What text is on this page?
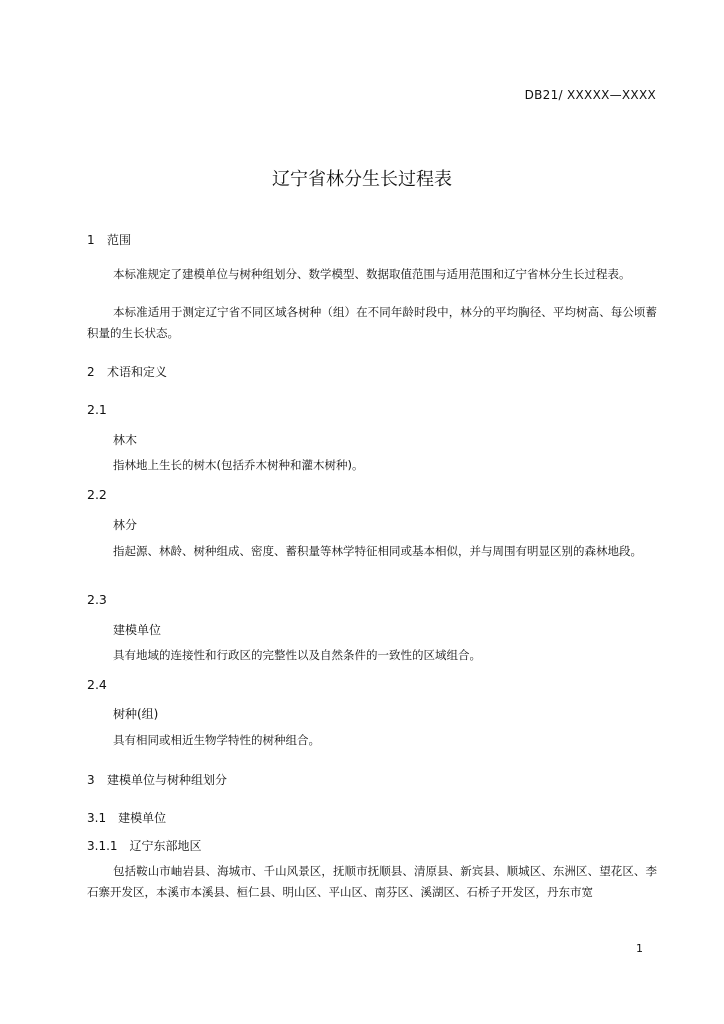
DB21/ XXXXX—XXXX
辽宁省林分生长过程表
1 范围
本标准规定了建模单位与树种组划分、数学模型、数据取值范围与适用范围和辽宁省林分生长过程表。
本标准适用于测定辽宁省不同区域各树种（组）在不同年龄时段中，林分的平均胸径、平均树高、每公顷蓄积量的生长状态。
2 术语和定义
2.1
林木
指林地上生长的树木(包括乔木树种和灌木树种)。
2.2
林分
指起源、林龄、树种组成、密度、蓄积量等林学特征相同或基本相似，并与周围有明显区别的森林地段。
2.3
建模单位
具有地域的连接性和行政区的完整性以及自然条件的一致性的区域组合。
2.4
树种(组)
具有相同或相近生物学特性的树种组合。
3 建模单位与树种组划分
3.1 建模单位
3.1.1 辽宁东部地区
包括鞍山市岫岩县、海城市、千山风景区，抚顺市抚顺县、清原县、新宾县、顺城区、东洲区、望花区、李石寨开发区，本溪市本溪县、桓仁县、明山区、平山区、南芬区、溪湖区、石桥子开发区，丹东市宽
1
